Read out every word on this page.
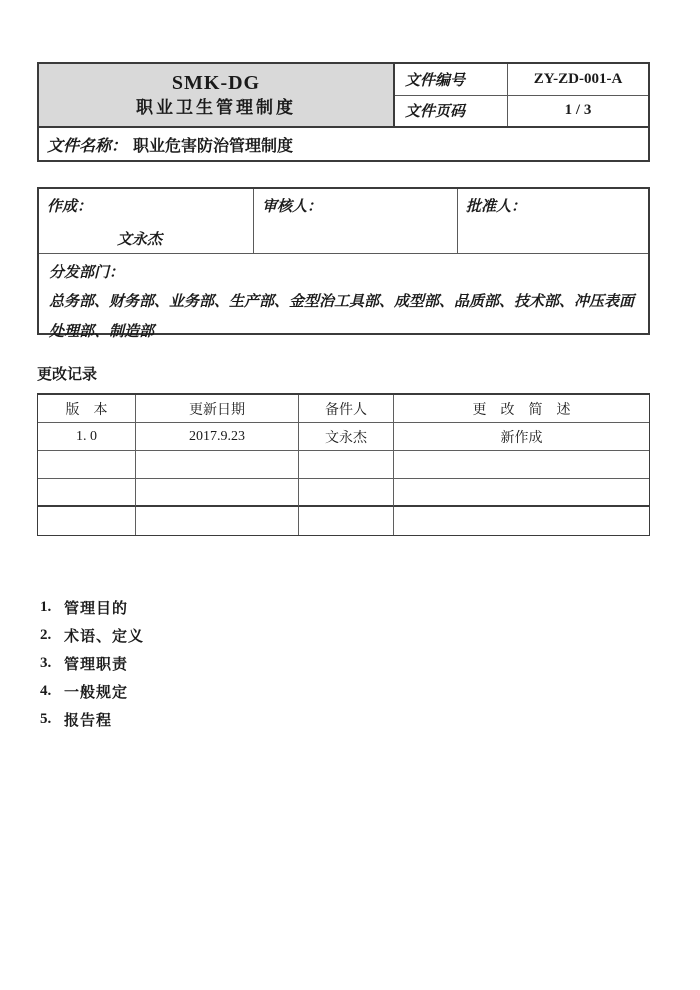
SMK-DG
职业卫生管理制度
文件编号	ZY-ZD-001-A
文件页码	1 / 3
文件名称： 职业危害防治管理制度
作成：
文永杰
审核人：	批准人：
分发部门：
总务部、财务部、业务部、生产部、金型治工具部、成型部、品质部、技术部、冲压表面处理部、制造部
更改记录
版　本	更新日期	备件人	更　改　简　述
1. 0	2017.9.23	文永杰	新作成
1. 管理目的
2. 术语、定义
3. 管理职责
4. 一般规定
5. 报告程
